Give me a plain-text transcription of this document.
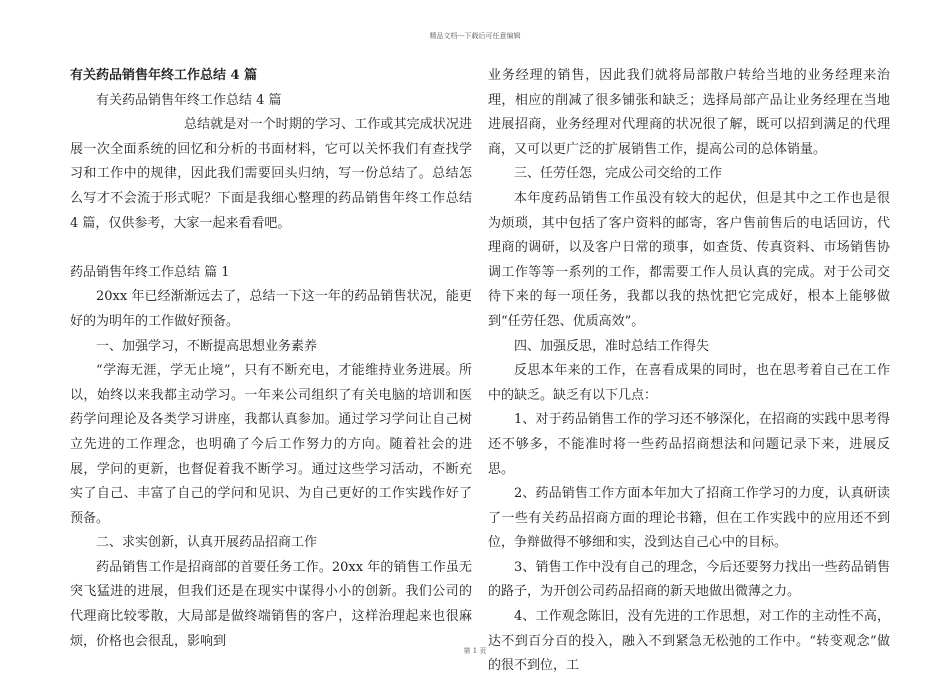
精品文档---下载后可任意编辑

有关药品销售年终工作总结 4 篇

有关药品销售年终工作总结 4 篇

总结就是对一个时期的学习、工作或其完成状况进展一次全面系统的回忆和分析的书面材料，它可以关怀我们有查找学习和工作中的规律，因此我们需要回头归纳，写一份总结了。总结怎么写才不会流于形式呢？下面是我细心整理的药品销售年终工作总结 4 篇，仅供参考，大家一起来看看吧。

药品销售年终工作总结 篇 1

20xx 年已经渐渐远去了，总结一下这一年的药品销售状况，能更好的为明年的工作做好预备。

一、加强学习，不断提高思想业务素养

“学海无涯，学无止境”，只有不断充电，才能维持业务进展。所以，始终以来我都主动学习。一年来公司组织了有关电脑的培训和医药学问理论及各类学习讲座，我都认真参加。通过学习学问让自己树立先进的工作理念，也明确了今后工作努力的方向。随着社会的进展，学问的更新，也督促着我不断学习。通过这些学习活动，不断充实了自己、丰富了自己的学问和见识、为自己更好的工作实践作好了预备。

二、求实创新，认真开展药品招商工作

药品销售工作是招商部的首要任务工作。20xx 年的销售工作虽无突飞猛进的进展，但我们还是在现实中谋得小小的创新。我们公司的代理商比较零散，大局部是做终端销售的客户，这样治理起来也很麻烦，价格也会很乱，影响到

业务经理的销售，因此我们就将局部散户转给当地的业务经理来治理，相应的削减了很多铺张和缺乏；选择局部产品让业务经理在当地进展招商，业务经理对代理商的状况很了解，既可以招到满足的代理商，又可以更广泛的扩展销售工作，提高公司的总体销量。

三、任劳任怨，完成公司交给的工作

本年度药品销售工作虽没有较大的起伏，但是其中之工作也是很为烦琐，其中包括了客户资料的邮寄，客户售前售后的电话回访，代理商的调研，以及客户日常的琐事，如查货、传真资料、市场销售协调工作等等一系列的工作，都需要工作人员认真的完成。对于公司交待下来的每一项任务，我都以我的热忱把它完成好，根本上能够做到“任劳任怨、优质高效”。

四、加强反思，准时总结工作得失

反思本年来的工作，在喜看成果的同时，也在思考着自己在工作中的缺乏。缺乏有以下几点：

1、对于药品销售工作的学习还不够深化，在招商的实践中思考得还不够多，不能准时将一些药品招商想法和问题记录下来，进展反思。

2、药品销售工作方面本年加大了招商工作学习的力度，认真研读了一些有关药品招商方面的理论书籍，但在工作实践中的应用还不到位，争辩做得不够细和实，没到达自己心中的目标。

3、销售工作中没有自己的理念，今后还要努力找出一些药品销售的路子，为开创公司药品招商的新天地做出微薄之力。

4、工作观念陈旧，没有先进的工作思想，对工作的主动性不高，达不到百分百的投入，融入不到紧急无松弛的工作中。“转变观念”做的很不到位，工

第 1 页
